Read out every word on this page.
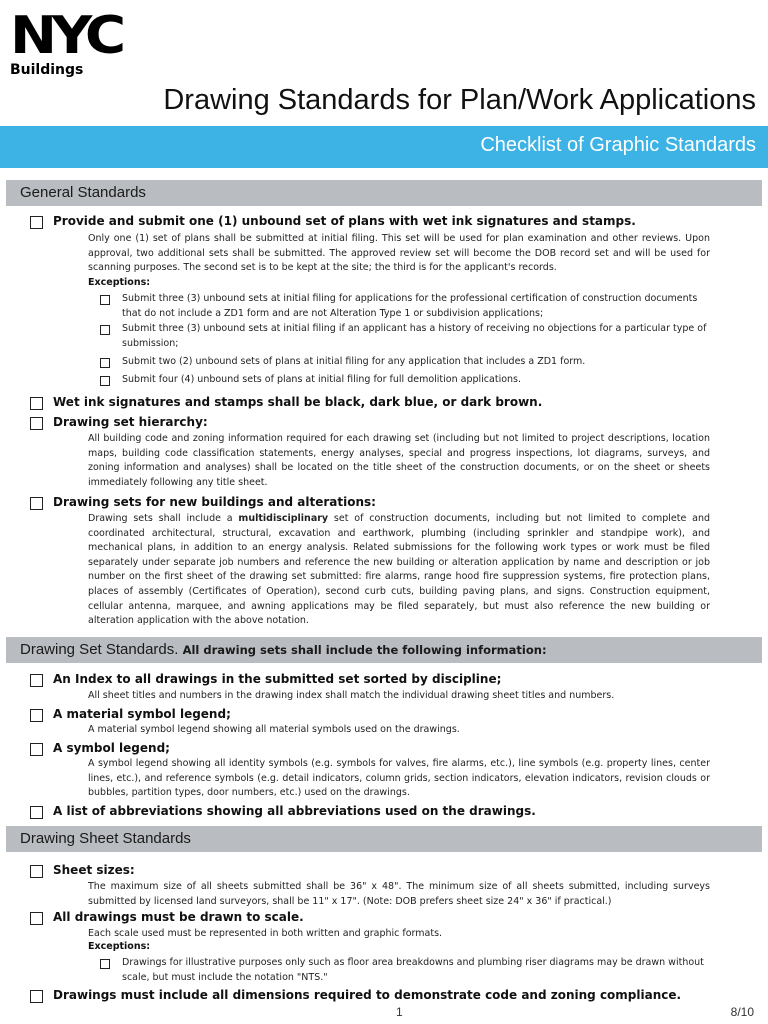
NYC
Buildings
Drawing Standards for Plan/Work Applications
Checklist of Graphic Standards
General Standards
Provide and submit one (1) unbound set of plans with wet ink signatures and stamps.
Only one (1) set of plans shall be submitted at initial filing. This set will be used for plan examination and other reviews. Upon approval, two additional sets shall be submitted. The approved review set will become the DOB record set and will be used for scanning purposes. The second set is to be kept at the site; the third is for the applicant's records.
Exceptions:
Submit three (3) unbound sets at initial filing for applications for the professional certification of construction documents that do not include a ZD1 form and are not Alteration Type 1 or subdivision applications;
Submit three (3) unbound sets at initial filing if an applicant has a history of receiving no objections for a particular type of submission;
Submit two (2) unbound sets of plans at initial filing for any application that includes a ZD1 form.
Submit four (4) unbound sets of plans at initial filing for full demolition applications.
Wet ink signatures and stamps shall be black, dark blue, or dark brown.
Drawing set hierarchy:
All building code and zoning information required for each drawing set (including but not limited to project descriptions, location maps, building code classification statements, energy analyses, special and progress inspections, lot diagrams, surveys, and zoning information and analyses) shall be located on the title sheet of the construction documents, or on the sheet or sheets immediately following any title sheet.
Drawing sets for new buildings and alterations:
Drawing sets shall include a multidisciplinary set of construction documents, including but not limited to complete and coordinated architectural, structural, excavation and earthwork, plumbing (including sprinkler and standpipe work), and mechanical plans, in addition to an energy analysis. Related submissions for the following work types or work must be filed separately under separate job numbers and reference the new building or alteration application by name and description or job number on the first sheet of the drawing set submitted: fire alarms, range hood fire suppression systems, fire protection plans, places of assembly (Certificates of Operation), second curb cuts, building paving plans, and signs. Construction equipment, cellular antenna, marquee, and awning applications may be filed separately, but must also reference the new building or alteration application with the above notation.
Drawing Set Standards. All drawing sets shall include the following information:
An Index to all drawings in the submitted set sorted by discipline;
All sheet titles and numbers in the drawing index shall match the individual drawing sheet titles and numbers.
A material symbol legend;
A material symbol legend showing all material symbols used on the drawings.
A symbol legend;
A symbol legend showing all identity symbols (e.g. symbols for valves, fire alarms, etc.), line symbols (e.g. property lines, center lines, etc.), and reference symbols (e.g. detail indicators, column grids, section indicators, elevation indicators, revision clouds or bubbles, partition types, door numbers, etc.) used on the drawings.
A list of abbreviations showing all abbreviations used on the drawings.
Drawing Sheet Standards
Sheet sizes:
The maximum size of all sheets submitted shall be 36" x 48". The minimum size of all sheets submitted, including surveys submitted by licensed land surveyors, shall be 11" x 17". (Note: DOB prefers sheet size 24" x 36" if practical.)
All drawings must be drawn to scale.
Each scale used must be represented in both written and graphic formats.
Exceptions:
Drawings for illustrative purposes only such as floor area breakdowns and plumbing riser diagrams may be drawn without scale, but must include the notation "NTS."
Drawings must include all dimensions required to demonstrate code and zoning compliance.
1	8/10
